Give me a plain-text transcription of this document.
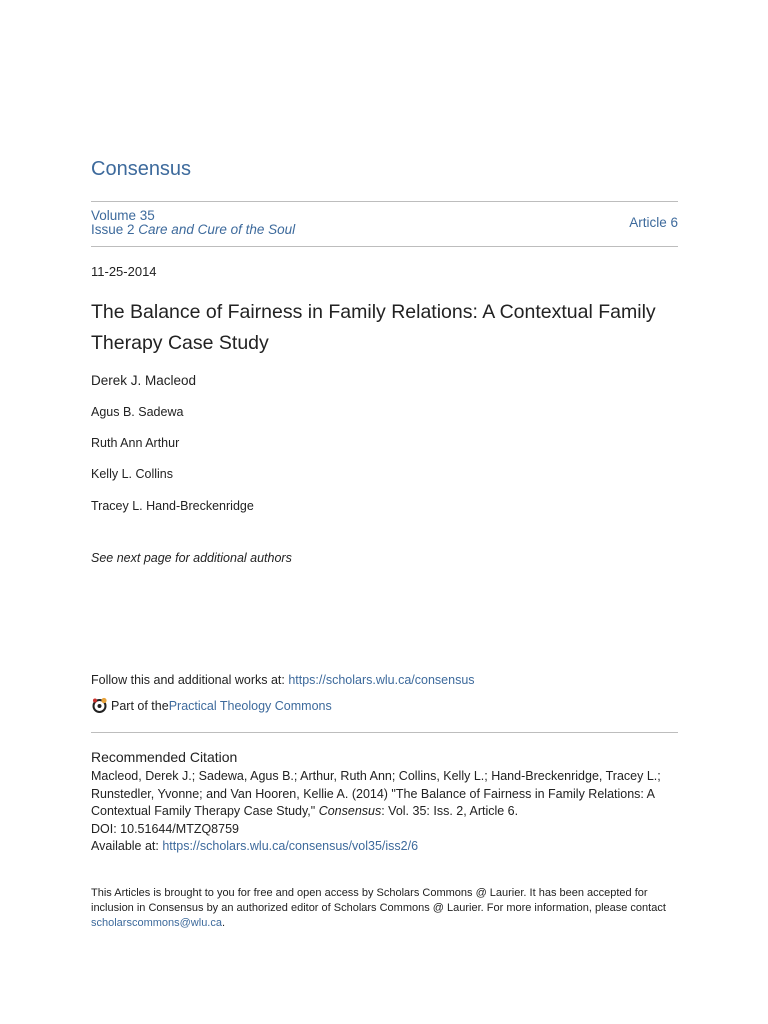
Consensus
Volume 35
Issue 2 Care and Cure of the Soul	Article 6
11-25-2014
The Balance of Fairness in Family Relations: A Contextual Family Therapy Case Study
Derek J. Macleod
Agus B. Sadewa
Ruth Ann Arthur
Kelly L. Collins
Tracey L. Hand-Breckenridge
See next page for additional authors
Follow this and additional works at: https://scholars.wlu.ca/consensus
Part of the Practical Theology Commons
Recommended Citation
Macleod, Derek J.; Sadewa, Agus B.; Arthur, Ruth Ann; Collins, Kelly L.; Hand-Breckenridge, Tracey L.; Runstedler, Yvonne; and Van Hooren, Kellie A. (2014) "The Balance of Fairness in Family Relations: A Contextual Family Therapy Case Study," Consensus: Vol. 35: Iss. 2, Article 6.
DOI: 10.51644/MTZQ8759
Available at: https://scholars.wlu.ca/consensus/vol35/iss2/6
This Articles is brought to you for free and open access by Scholars Commons @ Laurier. It has been accepted for inclusion in Consensus by an authorized editor of Scholars Commons @ Laurier. For more information, please contact scholarscommons@wlu.ca.
